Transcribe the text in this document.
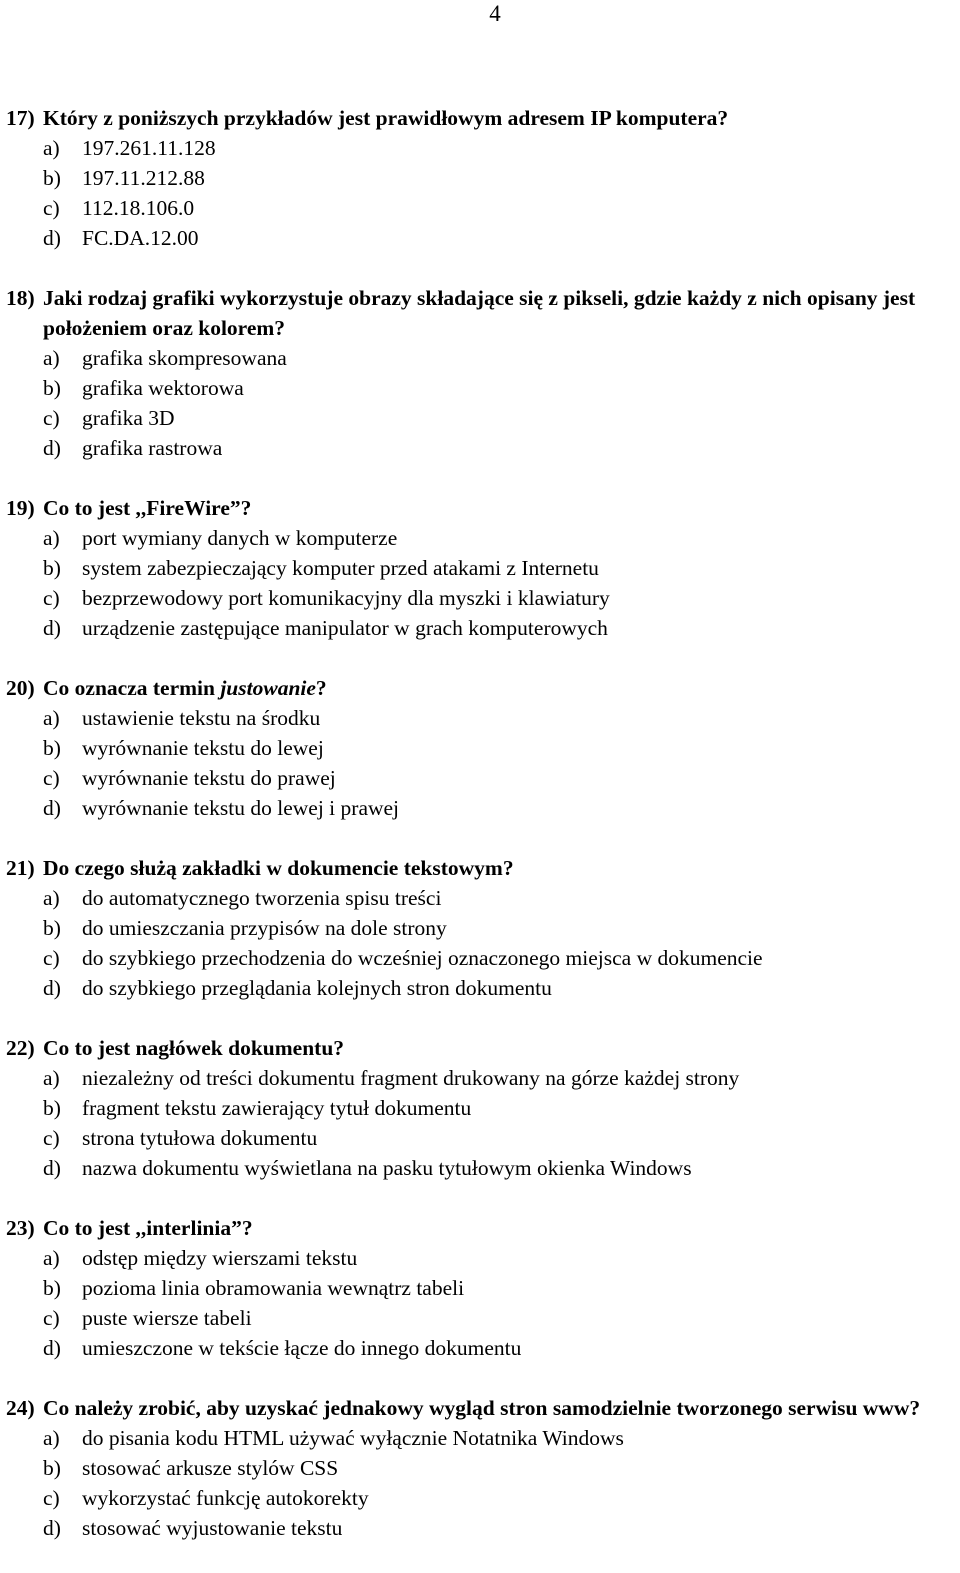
4
17) Który z poniższych przykładów jest prawidłowym adresem IP komputera?
a)	197.261.11.128
b) 197.11.212.88
c)	112.18.106.0
d) FC.DA.12.00
18) Jaki rodzaj grafiki wykorzystuje obrazy składające się z pikseli, gdzie każdy z nich opisany jest położeniem oraz kolorem?
a)	grafika skompresowana
b) grafika wektorowa
c)	grafika 3D
d) grafika rastrowa
19) Co to jest ,,FireWire”?
a)	port wymiany danych w komputerze
b) system zabezpieczający komputer przed atakami z Internetu
c)	bezprzewodowy port komunikacyjny dla myszki i klawiatury
d) urządzenie zastępujące manipulator w grach komputerowych
20) Co oznacza termin justowanie?
a)	ustawienie tekstu na środku
b) wyrównanie tekstu do lewej
c)	wyrównanie tekstu do prawej
d) wyrównanie tekstu do lewej i prawej
21) Do czego służą zakładki w dokumencie tekstowym?
a)	do automatycznego tworzenia spisu treści
b) do umieszczania przypisów na dole strony
c)	do szybkiego przechodzenia do wcześniej oznaczonego miejsca w dokumencie
d) do szybkiego przeglądania kolejnych stron dokumentu
22) Co to jest nagłówek dokumentu?
a)	niezależny od treści dokumentu fragment drukowany na górze każdej strony
b) fragment tekstu zawierający tytuł dokumentu
c)	strona tytułowa dokumentu
d) nazwa dokumentu wyświetlana na pasku tytułowym okienka Windows
23) Co to jest ,,interlinia”?
a)	odstęp między wierszami tekstu
b) pozioma linia obramowania wewnątrz tabeli
c)	puste wiersze tabeli
d) umieszczone w tekście łącze do innego dokumentu
24) Co należy zrobić, aby uzyskać jednakowy wygląd stron samodzielnie tworzonego serwisu www?
a)	do pisania kodu HTML używać wyłącznie Notatnika Windows
b) stosować arkusze stylów CSS
c)	wykorzystać funkcję autokorekty
d) stosować wyjustowanie tekstu
